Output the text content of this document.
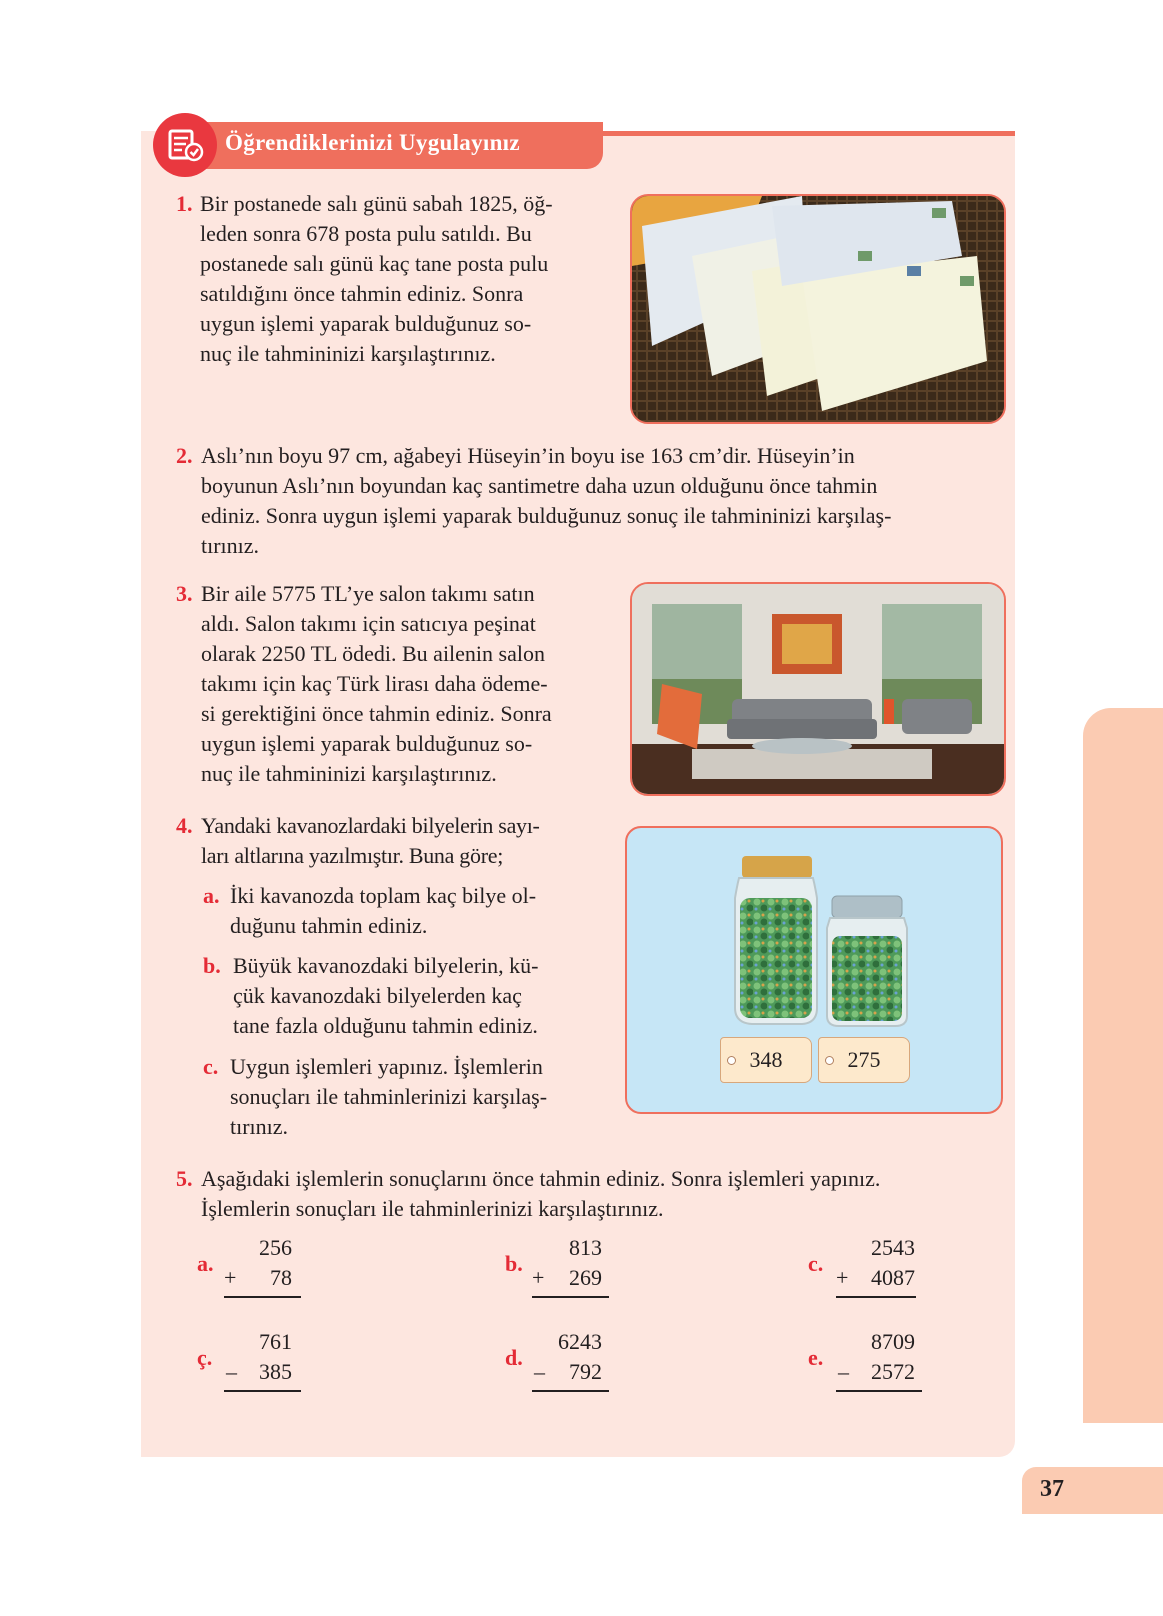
37
Öğrendiklerinizi Uygulayınız
1. Bir postanede salı günü sabah 1825, öğ-
leden sonra 678 posta pulu satıldı. Bu
postanede salı günü kaç tane posta pulu
satıldığını önce tahmin ediniz. Sonra
uygun işlemi yaparak bulduğunuz so-
nuç ile tahmininizi karşılaştırınız.
2. Aslı’nın boyu 97 cm, ağabeyi Hüseyin’in boyu ise 163 cm’dir. Hüseyin’in
boyunun Aslı’nın boyundan kaç santimetre daha uzun olduğunu önce tahmin
ediniz. Sonra uygun işlemi yaparak bulduğunuz sonuç ile tahmininizi karşılaş-
tırınız.
3. Bir aile 5775 TL’ye salon takımı satın
aldı. Salon takımı için satıcıya peşinat
olarak 2250 TL ödedi. Bu ailenin salon
takımı için kaç Türk lirası daha ödeme-
si gerektiğini önce tahmin ediniz. Sonra
uygun işlemi yaparak bulduğunuz so-
nuç ile tahmininizi karşılaştırınız.
4. Yandaki kavanozlardaki bilyelerin sayı-
ları altlarına yazılmıştır. Buna göre;
a. İki kavanozda toplam kaç bilye ol-
duğunu tahmin ediniz.
b. Büyük kavanozdaki bilyelerin, kü-
çük kavanozdaki bilyelerden kaç
tane fazla olduğunu tahmin ediniz.
c. Uygun işlemleri yapınız. İşlemlerin
sonuçları ile tahminlerinizi karşılaş-
tırınız.
348	275
5. Aşağıdaki işlemlerin sonuçlarını önce tahmin ediniz. Sonra işlemleri yapınız.
İşlemlerin sonuçları ile tahminlerinizi karşılaştırınız.
a.
256
+	78
b.
813
+	269
c.
2543
+	4087
ç.
761
–	385
d.
6243
–	792
e.
8709
–	2572
